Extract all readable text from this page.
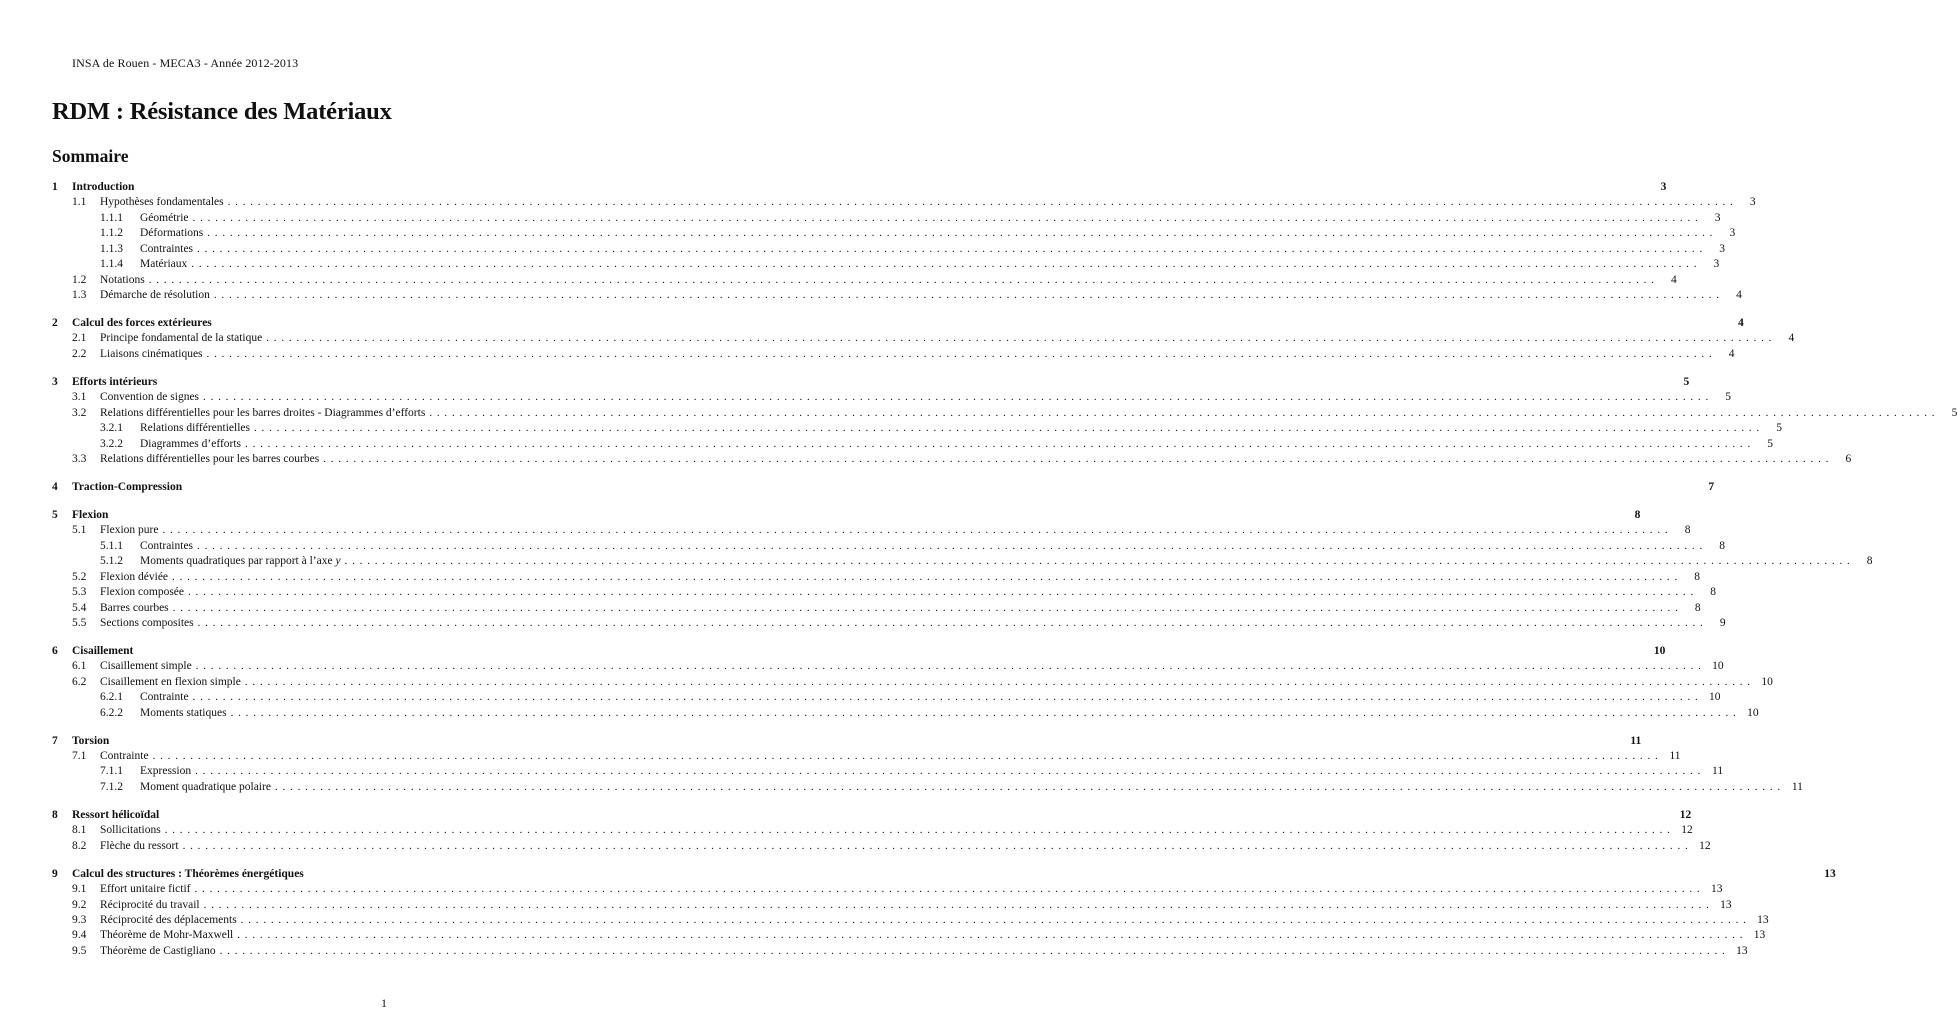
INSA de Rouen - MECA3 - Année 2012-2013
RDM : Résistance des Matériaux
Sommaire
1	Introduction	3
1.1	Hypothèses fondamentales ........................................................................................................................................................................................................	3
1.1.1	Géométrie ........................................................................................................................................................................................................	3
1.1.2	Déformations ........................................................................................................................................................................................................	3
1.1.3	Contraintes ........................................................................................................................................................................................................	3
1.1.4	Matériaux ........................................................................................................................................................................................................	3
1.2	Notations ........................................................................................................................................................................................................	4
1.3	Démarche de résolution ........................................................................................................................................................................................................	4
2	Calcul des forces extérieures	4
2.1	Principe fondamental de la statique ........................................................................................................................................................................................................	4
2.2	Liaisons cinématiques ........................................................................................................................................................................................................	4
3	Efforts intérieurs	5
3.1	Convention de signes ........................................................................................................................................................................................................	5
3.2	Relations différentielles pour les barres droites - Diagrammes d’efforts ........................................................................................................................................................................................................	5
3.2.1	Relations différentielles ........................................................................................................................................................................................................	5
3.2.2	Diagrammes d’efforts ........................................................................................................................................................................................................	5
3.3	Relations différentielles pour les barres courbes ........................................................................................................................................................................................................	6
4	Traction-Compression	7
5	Flexion	8
5.1	Flexion pure ........................................................................................................................................................................................................	8
5.1.1	Contraintes ........................................................................................................................................................................................................	8
5.1.2	Moments quadratiques par rapport à l’axe y ........................................................................................................................................................................................................	8
5.2	Flexion déviée ........................................................................................................................................................................................................	8
5.3	Flexion composée ........................................................................................................................................................................................................	8
5.4	Barres courbes ........................................................................................................................................................................................................	8
5.5	Sections composites ........................................................................................................................................................................................................	9
6	Cisaillement	10
6.1	Cisaillement simple ........................................................................................................................................................................................................ 10
6.2	Cisaillement en flexion simple ........................................................................................................................................................................................................ 10
6.2.1	Contrainte ........................................................................................................................................................................................................ 10
6.2.2	Moments statiques ........................................................................................................................................................................................................ 10
7	Torsion	11
7.1	Contrainte ........................................................................................................................................................................................................ 11
7.1.1	Expression ........................................................................................................................................................................................................ 11
7.1.2	Moment quadratique polaire ........................................................................................................................................................................................................ 11
8	Ressort hélicoïdal	12
8.1	Sollicitations ........................................................................................................................................................................................................ 12
8.2	Flèche du ressort ........................................................................................................................................................................................................ 12
9	Calcul des structures : Théorèmes énergétiques	13
9.1	Effort unitaire fictif ........................................................................................................................................................................................................ 13
9.2	Réciprocité du travail ........................................................................................................................................................................................................ 13
9.3	Réciprocité des déplacements ........................................................................................................................................................................................................ 13
9.4	Théorème de Mohr-Maxwell ........................................................................................................................................................................................................ 13
9.5	Théorème de Castigliano ........................................................................................................................................................................................................ 13
1
